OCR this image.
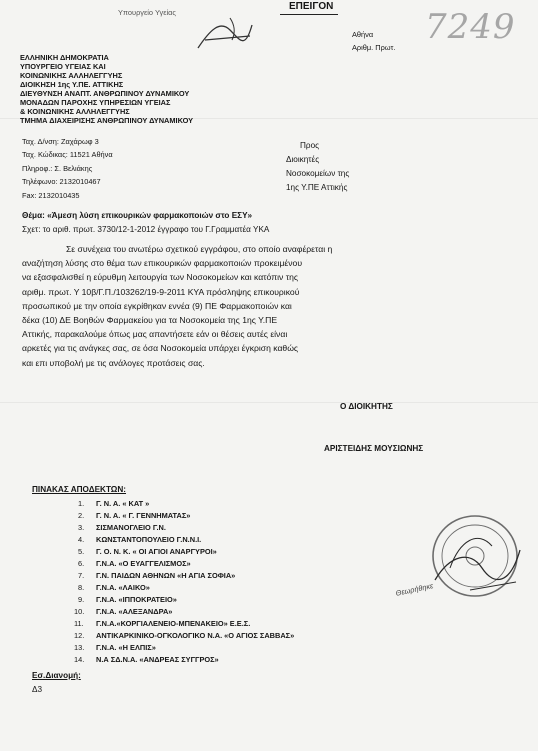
Υπουργείο Υγείας
ΕΠΕΙΓΟΝ
Αθήνα
Αριθμ. Πρωτ.
7249
ΕΛΛΗΝΙΚΗ ΔΗΜΟΚΡΑΤΙΑ
ΥΠΟΥΡΓΕΙΟ ΥΓΕΙΑΣ ΚΑΙ
ΚΟΙΝΩΝΙΚΗΣ ΑΛΛΗΛΕΓΓΥΗΣ
ΔΙΟΙΚΗΣΗ 1ης Υ.ΠΕ. ΑΤΤΙΚΗΣ
ΔΙΕΥΘΥΝΣΗ ΑΝΑΠΤ. ΑΝΘΡΩΠΙΝΟΥ ΔΥΝΑΜΙΚΟΥ
ΜΟΝΑΔΩΝ ΠΑΡΟΧΗΣ ΥΠΗΡΕΣΙΩΝ ΥΓΕΙΑΣ
& ΚΟΙΝΩΝΙΚΗΣ ΑΛΛΗΛΕΓΓΥΗΣ
ΤΜΗΜΑ ΔΙΑΧΕΙΡΙΣΗΣ ΑΝΘΡΩΠΙΝΟΥ ΔΥΝΑΜΙΚΟΥ
Ταχ. Δ/νση: Ζαχάρωφ 3
Ταχ. Κώδικας: 11521 Αθήνα
Πληροφ.: Σ. Βελιάκης
Τηλέφωνο: 2132010467
Fax: 2132010435
Προς
Διοικητές
Νοσοκομείων της
1ης Υ.ΠΕ Αττικής
Θέμα: «Άμεση λύση επικουρικών φαρμακοποιών στο ΕΣΥ»
Σχετ: το αριθ. πρωτ. 3730/12-1-2012 έγγραφο του Γ.Γραμματέα ΥΚΑ
Σε συνέχεια του ανωτέρω σχετικού εγγράφου, στο οποίο αναφέρεται η
αναζήτηση λύσης στο θέμα των επικουρικών φαρμακοποιών προκειμένου
να εξασφαλισθεί η εύρυθμη λειτουργία των Νοσοκομείων και κατόπιν της
αριθμ. πρωτ. Υ 10β/Γ.Π./103262/19-9-2011 ΚΥΑ πρόσληψης επικουρικού
προσωπικού με την οποία εγκρίθηκαν εννέα (9) ΠΕ Φαρμακοποιών και
δέκα (10) ΔΕ Βοηθών Φαρμακείου για τα Νοσοκομεία της 1ης Υ.ΠΕ
Αττικής, παρακαλούμε όπως μας απαντήσετε εάν οι θέσεις αυτές είναι
αρκετές για τις ανάγκες σας, σε όσα Νοσοκομεία υπάρχει έγκριση καθώς
και επι υποβολή με τις ανάλογες προτάσεις σας.
Ο ΔΙΟΙΚΗΤΗΣ
ΑΡΙΣΤΕΙΔΗΣ ΜΟΥΣΙΩΝΗΣ
ΠΙΝΑΚΑΣ ΑΠΟΔΕΚΤΩΝ:
1. Γ. Ν. Α. « ΚΑΤ »
2. Γ. Ν. Α. « Γ. ΓΕΝΝΗΜΑΤΑΣ»
3. ΣΙΣΜΑΝΟΓΛΕΙΟ Γ.Ν.
4. ΚΩΝΣΤΑΝΤΟΠΟΥΛΕΙΟ Γ.Ν.Ν.Ι.
5. Γ. Ο. Ν. Κ. « ΟΙ ΑΓΙΟΙ ΑΝΑΡΓΥΡΟΙ»
6. Γ.Ν.Α. «Ο ΕΥΑΓΓΕΛΙΣΜΟΣ»
7. Γ.Ν. ΠΑΙΔΩΝ ΑΘΗΝΩΝ «Η ΑΓΙΑ ΣΟΦΙΑ»
8. Γ.Ν.Α. «ΛΑΙΚΟ»
9. Γ.Ν.Α. «ΙΠΠΟΚΡΑΤΕΙΟ»
10. Γ.Ν.Α. «ΑΛΕΞΑΝΔΡΑ»
11. Γ.Ν.Α.«ΚΟΡΓΙΑΛΕΝΕΙΟ-ΜΠΕΝΑΚΕΙΟ» Ε.Ε.Σ.
12. ΑΝΤΙΚΑΡΚΙΝΙΚΟ-ΟΓΚΟΛΟΓΙΚΟ Ν.Α. «Ο ΑΓΙΟΣ ΣΑΒΒΑΣ»
13. Γ.Ν.Α. «Η ΕΛΠΙΣ»
14. Ν.Α ΣΔ.Ν.Α. «ΑΝΔΡΕΑΣ ΣΥΓΓΡΟΣ»
Εσ.Διανομή:
Δ3
Θεωρήθηκε
